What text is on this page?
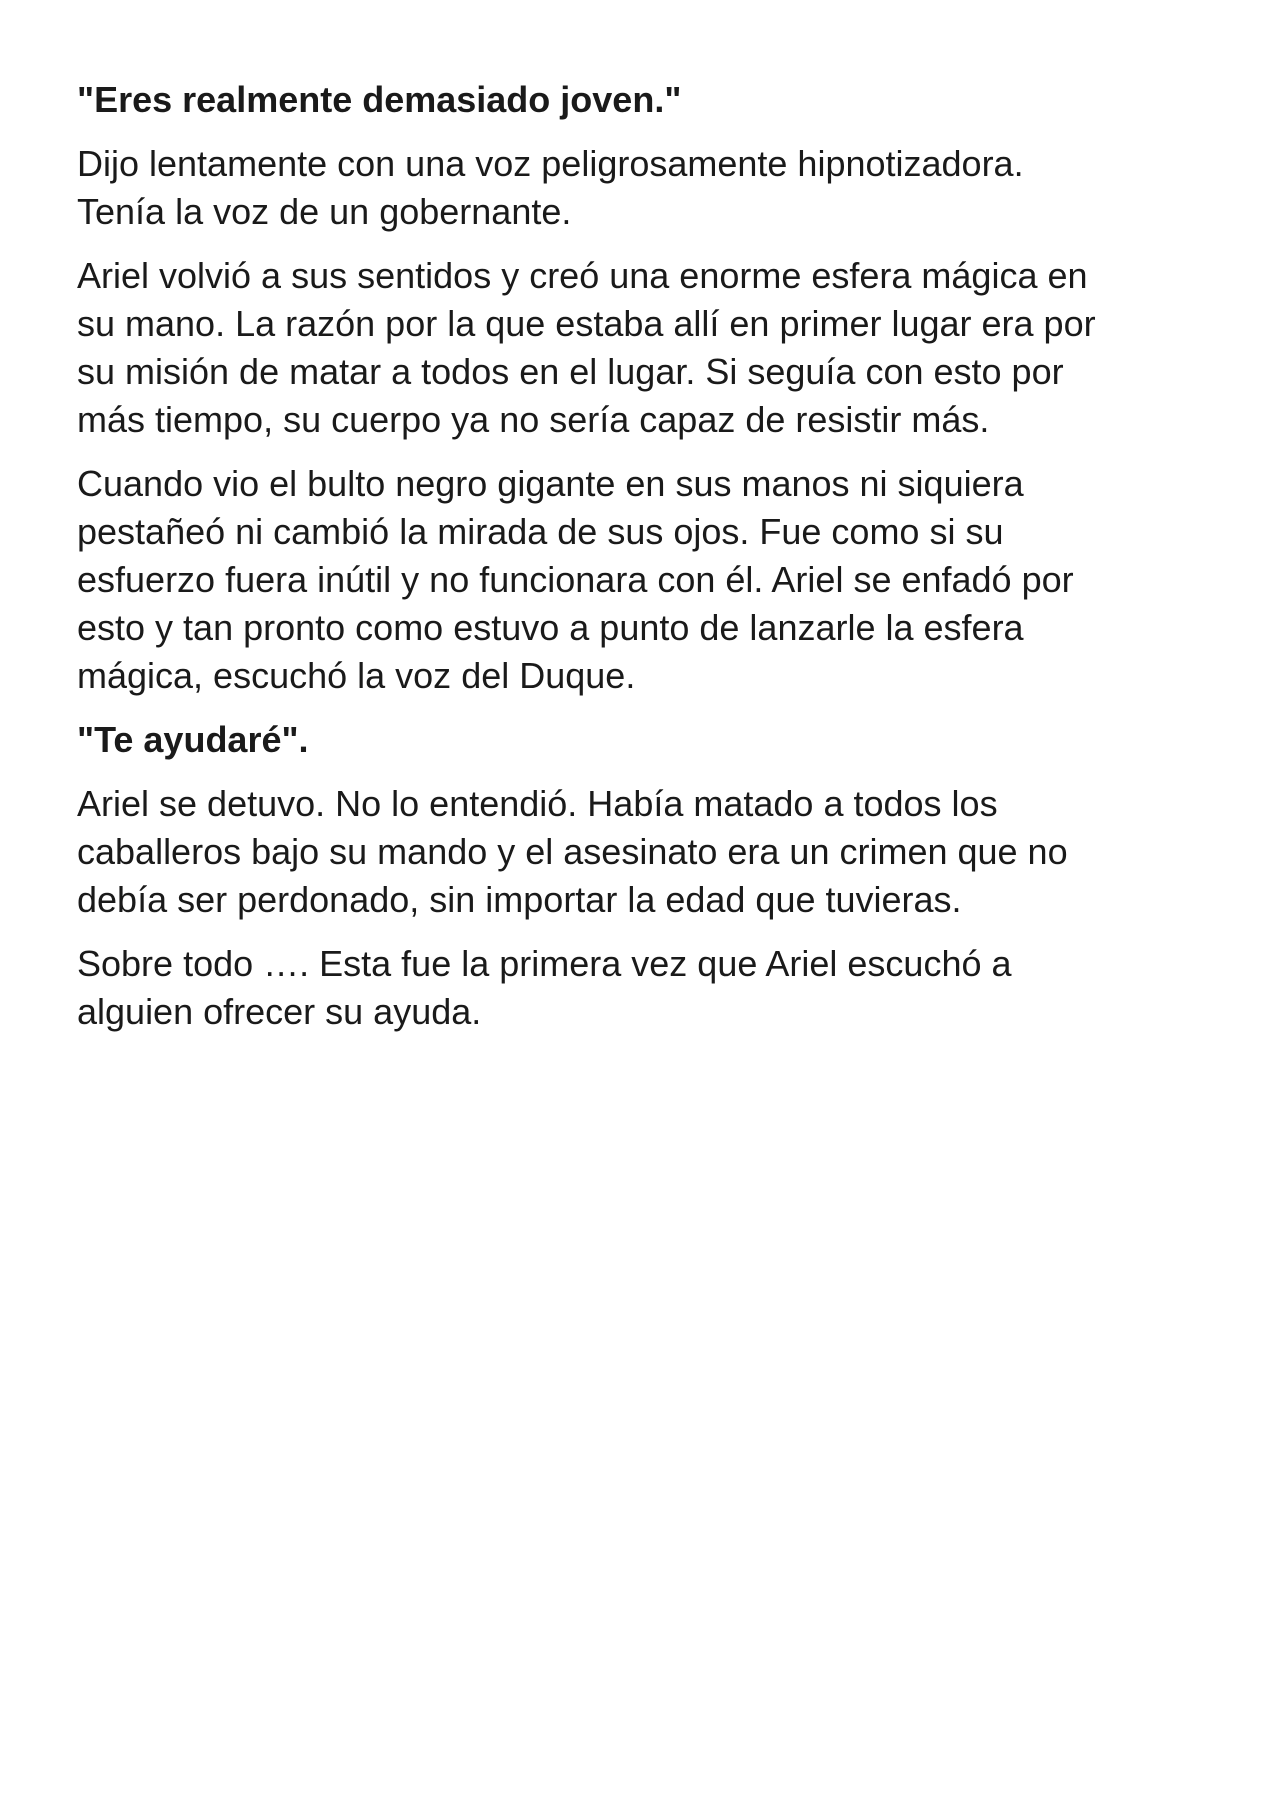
"Eres realmente demasiado joven."

Dijo lentamente con una voz peligrosamente hipnotizadora.
Tenía la voz de un gobernante.

Ariel volvió a sus sentidos y creó una enorme esfera mágica en
su mano. La razón por la que estaba allí en primer lugar era por
su misión de matar a todos en el lugar. Si seguía con esto por
más tiempo, su cuerpo ya no sería capaz de resistir más.

Cuando vio el bulto negro gigante en sus manos ni siquiera
pestañeó ni cambió la mirada de sus ojos. Fue como si su
esfuerzo fuera inútil y no funcionara con él. Ariel se enfadó por
esto y tan pronto como estuvo a punto de lanzarle la esfera
mágica, escuchó la voz del Duque.

"Te ayudaré".

Ariel se detuvo. No lo entendió. Había matado a todos los
caballeros bajo su mando y el asesinato era un crimen que no
debía ser perdonado, sin importar la edad que tuvieras.

Sobre todo …. Esta fue la primera vez que Ariel escuchó a
alguien ofrecer su ayuda.
